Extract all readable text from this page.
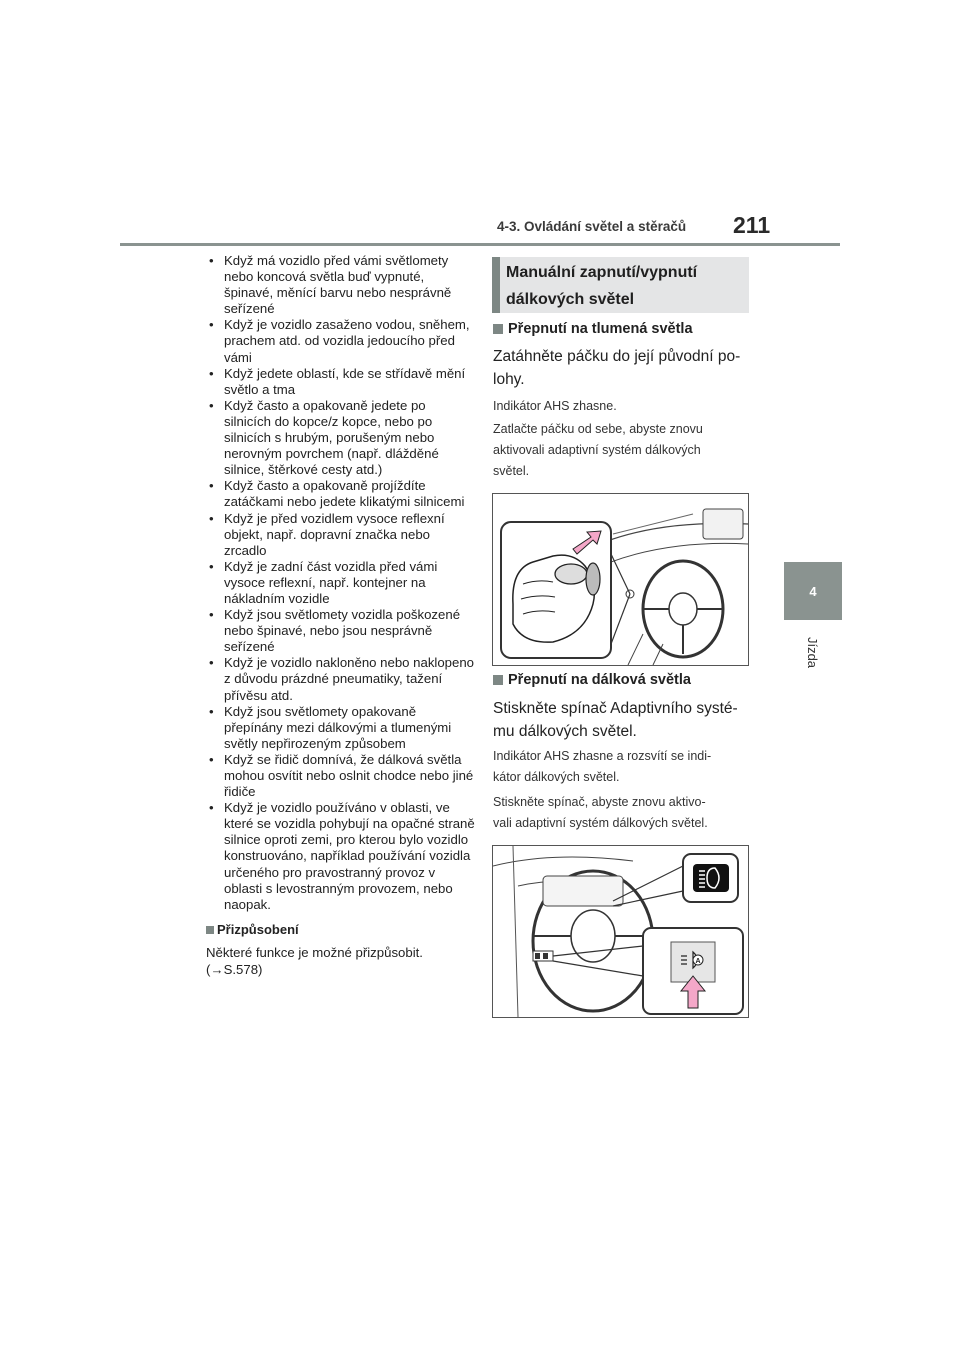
4-3. Ovládání světel a stěračů 211
4
Jízda
• Když má vozidlo před vámi světlomety nebo koncová světla buď vypnuté, špinavé, měnící barvu nebo nesprávně seřízené
• Když je vozidlo zasaženo vodou, sněhem, prachem atd. od vozidla jedoucího před vámi
• Když jedete oblastí, kde se střídavě mění světlo a tma
• Když často a opakovaně jedete po silnicích do kopce/z kopce, nebo po silnicích s hrubým, porušeným nebo nerovným povrchem (např. dlážděné silnice, štěrkové cesty atd.)
• Když často a opakovaně projíždíte zatáčkami nebo jedete klikatými silnicemi
• Když je před vozidlem vysoce reflexní objekt, např. dopravní značka nebo zrcadlo
• Když je zadní část vozidla před vámi vysoce reflexní, např. kontejner na nákladním vozidle
• Když jsou světlomety vozidla poškozené nebo špinavé, nebo jsou nesprávně seřízené
• Když je vozidlo nakloněno nebo naklopeno z důvodu prázdné pneumatiky, tažení přívěsu atd.
• Když jsou světlomety opakovaně přepínány mezi dálkovými a tlumenými světly nepřirozeným způsobem
• Když se řidič domnívá, že dálková světla mohou osvítit nebo oslnit chodce nebo jiné řidiče
• Když je vozidlo používáno v oblasti, ve které se vozidla pohybují na opačné straně silnice oproti zemi, pro kterou bylo vozidlo konstruováno, například používání vozidla určeného pro pravostranný provoz v oblasti s levostranným provozem, nebo naopak.
Přizpůsobení
Některé funkce je možné přizpůsobit.
(→S.578)
Manuální zapnutí/vypnutí
dálkových světel
Přepnutí na tlumená světla
Zatáhněte páčku do její původní po-
lohy.
Indikátor AHS zhasne.
Zatlačte páčku od sebe, abyste znovu
aktivovali adaptivní systém dálkových
světel.
Přepnutí na dálková světla
Stiskněte spínač Adaptivního systé-
mu dálkových světel.
Indikátor AHS zhasne a rozsvítí se indi-
kátor dálkových světel.
Stiskněte spínač, abyste znovu aktivo-
vali adaptivní systém dálkových světel.
A
